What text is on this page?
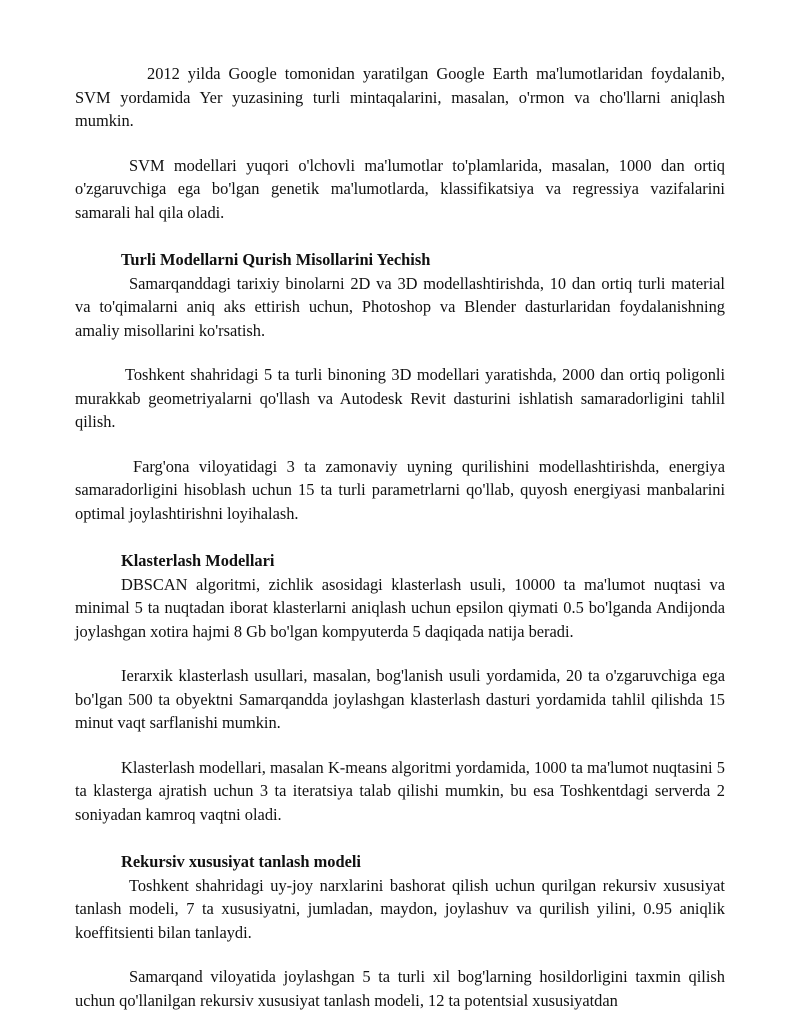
2012 yilda Google tomonidan yaratilgan Google Earth ma'lumotlaridan foydalanib, SVM yordamida Yer yuzasining turli mintaqalarini, masalan, o'rmon va cho'llarni aniqlash mumkin.

SVM modellari yuqori o'lchovli ma'lumotlar to'plamlarida, masalan, 1000 dan ortiq o'zgaruvchiga ega bo'lgan genetik ma'lumotlarda, klassifikatsiya va regressiya vazifalarini samarali hal qila oladi.

Turli Modellarni Qurish Misollarini Yechish

Samarqanddagi tarixiy binolarni 2D va 3D modellashtirishda, 10 dan ortiq turli material va to'qimalarni aniq aks ettirish uchun, Photoshop va Blender dasturlaridan foydalanishning amaliy misollarini ko'rsatish.

Toshkent shahridagi 5 ta turli binoning 3D modellari yaratishda, 2000 dan ortiq poligonli murakkab geometriyalarni qo'llash va Autodesk Revit dasturini ishlatish samaradorligini tahlil qilish.

Farg'ona viloyatidagi 3 ta zamonaviy uyning qurilishini modellashtirishda, energiya samaradorligini hisoblash uchun 15 ta turli parametrlarni qo'llab, quyosh energiyasi manbalarini optimal joylashtirishni loyihalash.

Klasterlash Modellari

DBSCAN algoritmi, zichlik asosidagi klasterlash usuli, 10000 ta ma'lumot nuqtasi va minimal 5 ta nuqtadan iborat klasterlarni aniqlash uchun epsilon qiymati 0.5 bo'lganda Andijonda joylashgan xotira hajmi 8 Gb bo'lgan kompyuterda 5 daqiqada natija beradi.

Ierarxik klasterlash usullari, masalan, bog'lanish usuli yordamida, 20 ta o'zgaruvchiga ega bo'lgan 500 ta obyektni Samarqandda joylashgan klasterlash dasturi yordamida tahlil qilishda 15 minut vaqt sarflanishi mumkin.

Klasterlash modellari, masalan K-means algoritmi yordamida, 1000 ta ma'lumot nuqtasini 5 ta klasterga ajratish uchun 3 ta iteratsiya talab qilishi mumkin, bu esa Toshkentdagi serverda 2 soniyadan kamroq vaqtni oladi.

Rekursiv xususiyat tanlash modeli

Toshkent shahridagi uy-joy narxlarini bashorat qilish uchun qurilgan rekursiv xususiyat tanlash modeli, 7 ta xususiyatni, jumladan, maydon, joylashuv va qurilish yilini, 0.95 aniqlik koeffitsienti bilan tanlaydi.

Samarqand viloyatida joylashgan 5 ta turli xil bog'larning hosildorligini taxmin qilish uchun qo'llanilgan rekursiv xususiyat tanlash modeli, 12 ta potentsial xususiyatdan
